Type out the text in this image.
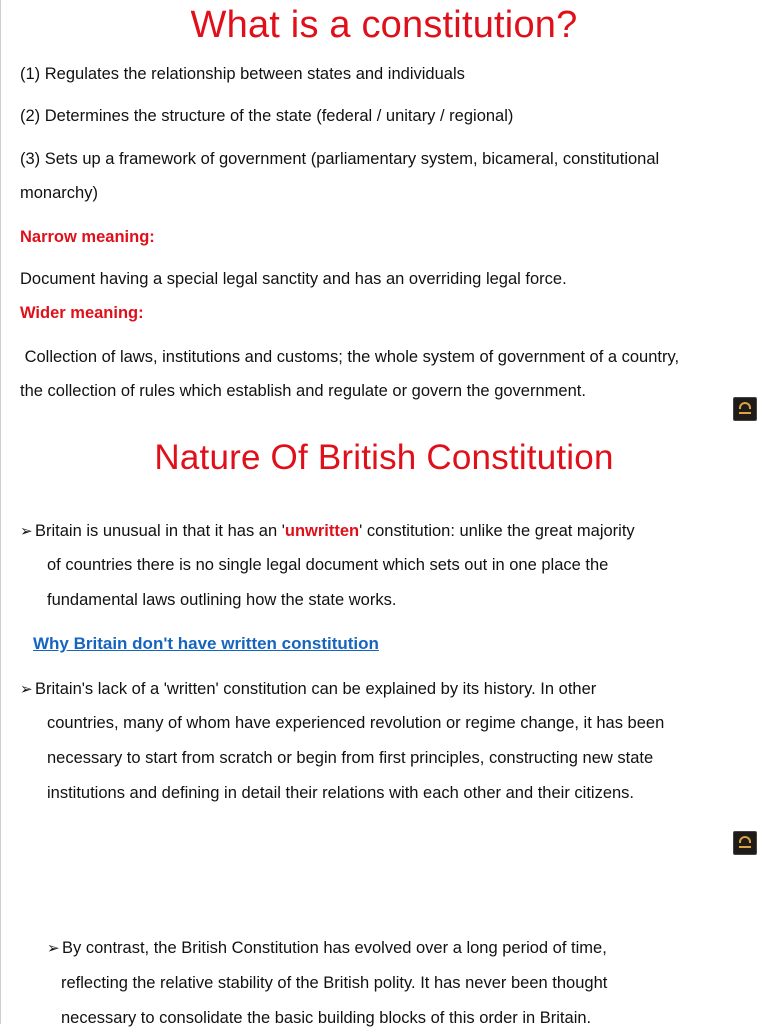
What is a constitution?

(1) Regulates the relationship between states and individuals

(2) Determines the structure of the state (federal / unitary / regional)

(3) Sets up a framework of government (parliamentary system, bicameral, constitutional

monarchy)

Narrow meaning:

Document having a special legal sanctity and has an overriding legal force.

Wider meaning:

Collection of laws, institutions and customs; the whole system of government of a country,

the collection of rules which establish and regulate or govern the government.

Nature Of British Constitution

➢ Britain is unusual in that it has an 'unwritten' constitution: unlike the great majority

of countries there is no single legal document which sets out in one place the

fundamental laws outlining how the state works.

Why Britain don't have written constitution

➢ Britain's lack of a 'written' constitution can be explained by its history. In other

countries, many of whom have experienced revolution or regime change, it has been

necessary to start from scratch or begin from first principles, constructing new state

institutions and defining in detail their relations with each other and their citizens.

➢ By contrast, the British Constitution has evolved over a long period of time,

reflecting the relative stability of the British polity. It has never been thought

necessary to consolidate the basic building blocks of this order in Britain.
